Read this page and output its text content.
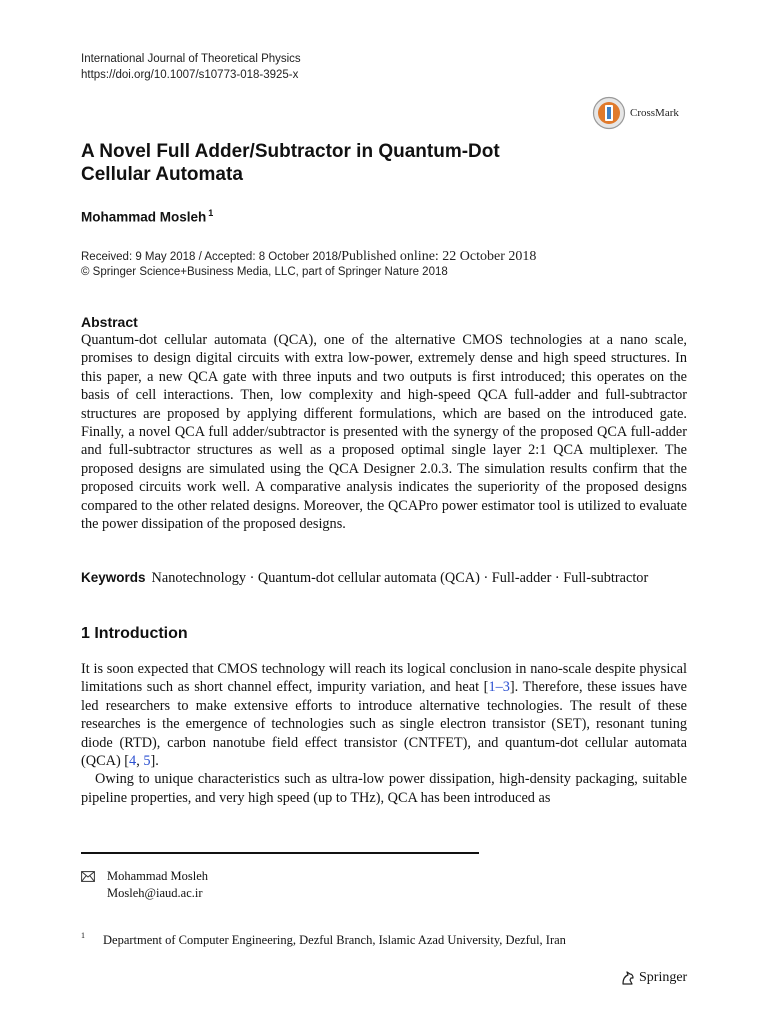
International Journal of Theoretical Physics
https://doi.org/10.1007/s10773-018-3925-x
CrossMark
A Novel Full Adder/Subtractor in Quantum-Dot
Cellular Automata
Mohammad Mosleh $^1$
Received: 9 May 2018 / Accepted: 8 October 2018/Published online: 22 October 2018
© Springer Science+Business Media, LLC, part of Springer Nature 2018
Abstract
Quantum-dot cellular automata (QCA), one of the alternative CMOS technologies at a nano scale, promises to design digital circuits with extra low-power, extremely dense and high speed structures. In this paper, a new QCA gate with three inputs and two outputs is first introduced; this operates on the basis of cell interactions. Then, low complexity and high-speed QCA full-adder and full-subtractor structures are proposed by applying different formulations, which are based on the introduced gate. Finally, a novel QCA full adder/subtractor is presented with the synergy of the proposed QCA full-adder and full-subtractor structures as well as a proposed optimal single layer 2:1 QCA multiplexer. The proposed designs are simulated using the QCA Designer 2.0.3. The simulation results confirm that the proposed circuits work well. A comparative analysis indicates the superiority of the proposed designs compared to the other related designs. Moreover, the QCAPro power estimator tool is utilized to evaluate the power dissipation of the proposed designs.
Keywords Nanotechnology · Quantum-dot cellular automata (QCA) · Full-adder · Full-subtractor
1 Introduction

It is soon expected that CMOS technology will reach its logical conclusion in nano-scale despite physical limitations such as short channel effect, impurity variation, and heat [1–3]. Therefore, these issues have led researchers to make extensive efforts to introduce alternative technologies. The result of these researches is the emergence of technologies such as single electron transistor (SET), resonant tuning diode (RTD), carbon nanotube field effect transistor (CNTFET), and quantum-dot cellular automata (QCA) [4, 5].

Owing to unique characteristics such as ultra-low power dissipation, high-density packaging, suitable pipeline properties, and very high speed (up to THz), QCA has been introduced as

Mohammad Mosleh
Mosleh@iaud.ac.ir
$^1$ Department of Computer Engineering, Dezful Branch, Islamic Azad University, Dezful, Iran
Springer
